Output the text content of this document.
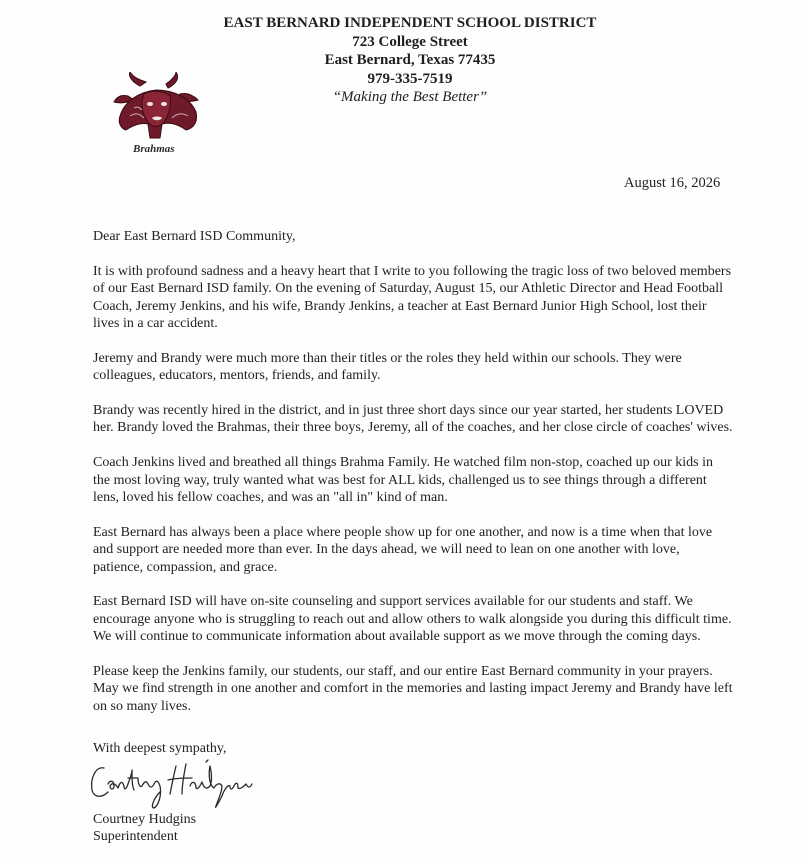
EAST BERNARD INDEPENDENT SCHOOL DISTRICT
723 College Street
East Bernard, Texas 77435
979-335-7519
“Making the Best Better”
Brahmas
August 16, 2026

Dear East Bernard ISD Community,

It is with profound sadness and a heavy heart that I write to you following the tragic loss of two beloved members of our East Bernard ISD family. On the evening of Saturday, August 15, our Athletic Director and Head Football Coach, Jeremy Jenkins, and his wife, Brandy Jenkins, a teacher at East Bernard Junior High School, lost their lives in a car accident.

Jeremy and Brandy were much more than their titles or the roles they held within our schools. They were colleagues, educators, mentors, friends, and family.

Brandy was recently hired in the district, and in just three short days since our year started, her students LOVED her. Brandy loved the Brahmas, their three boys, Jeremy, all of the coaches, and her close circle of coaches' wives.

Coach Jenkins lived and breathed all things Brahma Family. He watched film non-stop, coached up our kids in the most loving way, truly wanted what was best for ALL kids, challenged us to see things through a different lens, loved his fellow coaches, and was an "all in" kind of man.

East Bernard has always been a place where people show up for one another, and now is a time when that love and support are needed more than ever. In the days ahead, we will need to lean on one another with love, patience, compassion, and grace.

East Bernard ISD will have on-site counseling and support services available for our students and staff. We encourage anyone who is struggling to reach out and allow others to walk alongside you during this difficult time. We will continue to communicate information about available support as we move through the coming days.

Please keep the Jenkins family, our students, our staff, and our entire East Bernard community in your prayers. May we find strength in one another and comfort in the memories and lasting impact Jeremy and Brandy have left on so many lives.

With deepest sympathy,
Courtney Hudgins
Superintendent
